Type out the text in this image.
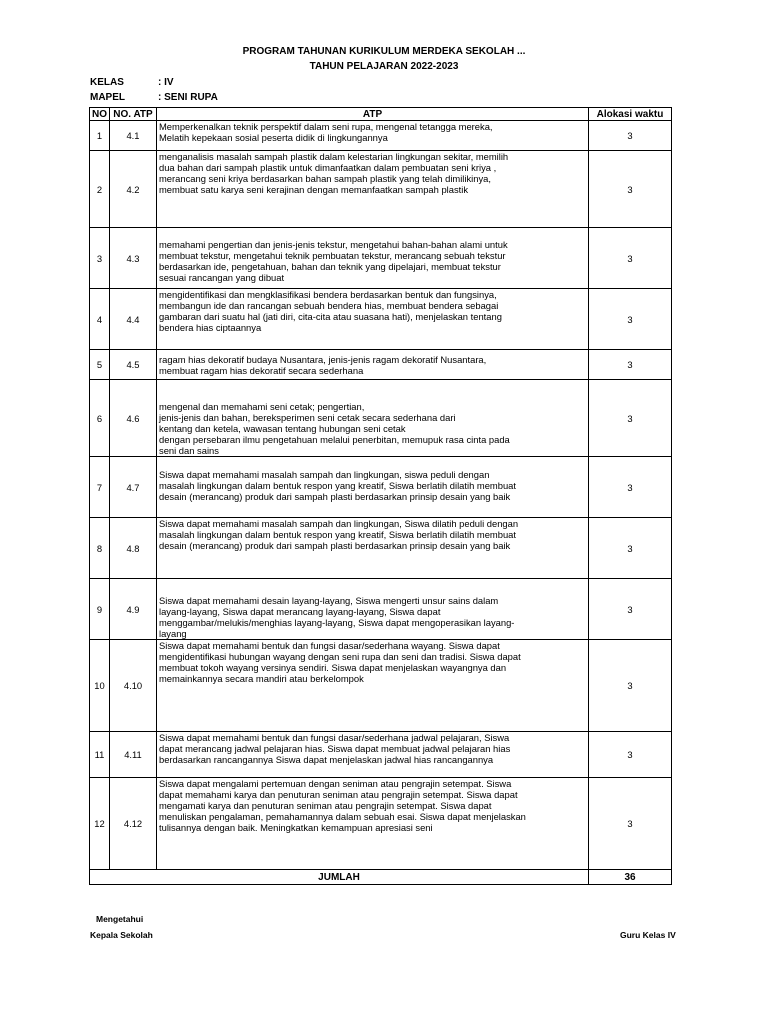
PROGRAM TAHUNAN KURIKULUM MERDEKA SEKOLAH ...
TAHUN PELAJARAN 2022-2023
KELAS	: IV
MAPEL	: SENI RUPA
NO	NO. ATP	ATP	Alokasi waktu
1	4.1	Memperkenalkan teknik perspektif dalam seni rupa, mengenal tetangga mereka,
Melatih kepekaan sosial peserta didik di lingkungannya	3
2	4.2	menganalisis masalah sampah plastik dalam kelestarian lingkungan sekitar, memilih
dua bahan dari sampah plastik untuk dimanfaatkan dalam pembuatan seni kriya ,
merancang seni kriya berdasarkan bahan sampah plastik yang telah dimilikinya,
membuat satu karya seni kerajinan dengan memanfaatkan sampah plastik	3
3	4.3	memahami pengertian dan jenis-jenis tekstur, mengetahui bahan-bahan alami untuk
membuat tekstur, mengetahui teknik pembuatan tekstur, merancang sebuah tekstur
berdasarkan ide, pengetahuan, bahan dan teknik yang dipelajari, membuat tekstur
sesuai rancangan yang dibuat	3
4	4.4	mengidentifikasi dan mengklasifikasi bendera berdasarkan bentuk dan fungsinya,
membangun ide dan rancangan sebuah bendera hias, membuat bendera sebagai
gambaran dari suatu hal (jati diri, cita-cita atau suasana hati), menjelaskan tentang
bendera hias ciptaannya	3
5	4.5	ragam hias dekoratif budaya Nusantara, jenis-jenis ragam dekoratif Nusantara,
membuat ragam hias dekoratif secara sederhana	3
6	4.6	mengenal dan memahami seni cetak; pengertian,
jenis-jenis dan bahan, bereksperimen seni cetak secara sederhana dari
kentang dan ketela, wawasan tentang hubungan seni cetak
dengan persebaran ilmu pengetahuan melalui penerbitan, memupuk rasa cinta pada
seni dan sains	3
7	4.7	Siswa dapat memahami masalah sampah dan lingkungan, siswa peduli dengan
masalah lingkungan dalam bentuk respon yang kreatif, Siswa berlatih dilatih membuat
desain (merancang) produk dari sampah plasti berdasarkan prinsip desain yang baik	3
8	4.8	Siswa dapat memahami masalah sampah dan lingkungan, Siswa dilatih peduli dengan
masalah lingkungan dalam bentuk respon yang kreatif, Siswa berlatih dilatih membuat
desain (merancang) produk dari sampah plasti berdasarkan prinsip desain yang baik	3
9	4.9	Siswa dapat memahami desain layang-layang, Siswa mengerti unsur sains dalam
layang-layang, Siswa dapat merancang layang-layang, Siswa dapat
menggambar/melukis/menghias layang-layang, Siswa dapat mengoperasikan layang-
layang	3
10	4.10	Siswa dapat memahami bentuk dan fungsi dasar/sederhana wayang. Siswa dapat
mengidentifikasi hubungan wayang dengan seni rupa dan seni dan tradisi. Siswa dapat
membuat tokoh wayang versinya sendiri. Siswa dapat menjelaskan wayangnya dan
memainkannya secara mandiri atau berkelompok	3
11	4.11	Siswa dapat memahami bentuk dan fungsi dasar/sederhana jadwal pelajaran, Siswa
dapat merancang jadwal pelajaran hias. Siswa dapat membuat jadwal pelajaran hias
berdasarkan rancangannya Siswa dapat menjelaskan jadwal hias rancangannya	3
12	4.12	Siswa dapat mengalami pertemuan dengan seniman atau pengrajin setempat. Siswa
dapat memahami karya dan penuturan seniman atau pengrajin setempat. Siswa dapat
mengamati karya dan penuturan seniman atau pengrajin setempat. Siswa dapat
menuliskan pengalaman, pemahamannya dalam sebuah esai. Siswa dapat menjelaskan
tulisannya dengan baik. Meningkatkan kemampuan apresiasi seni	3
JUMLAH			36
Mengetahui
Kepala Sekolah	Guru Kelas IV
